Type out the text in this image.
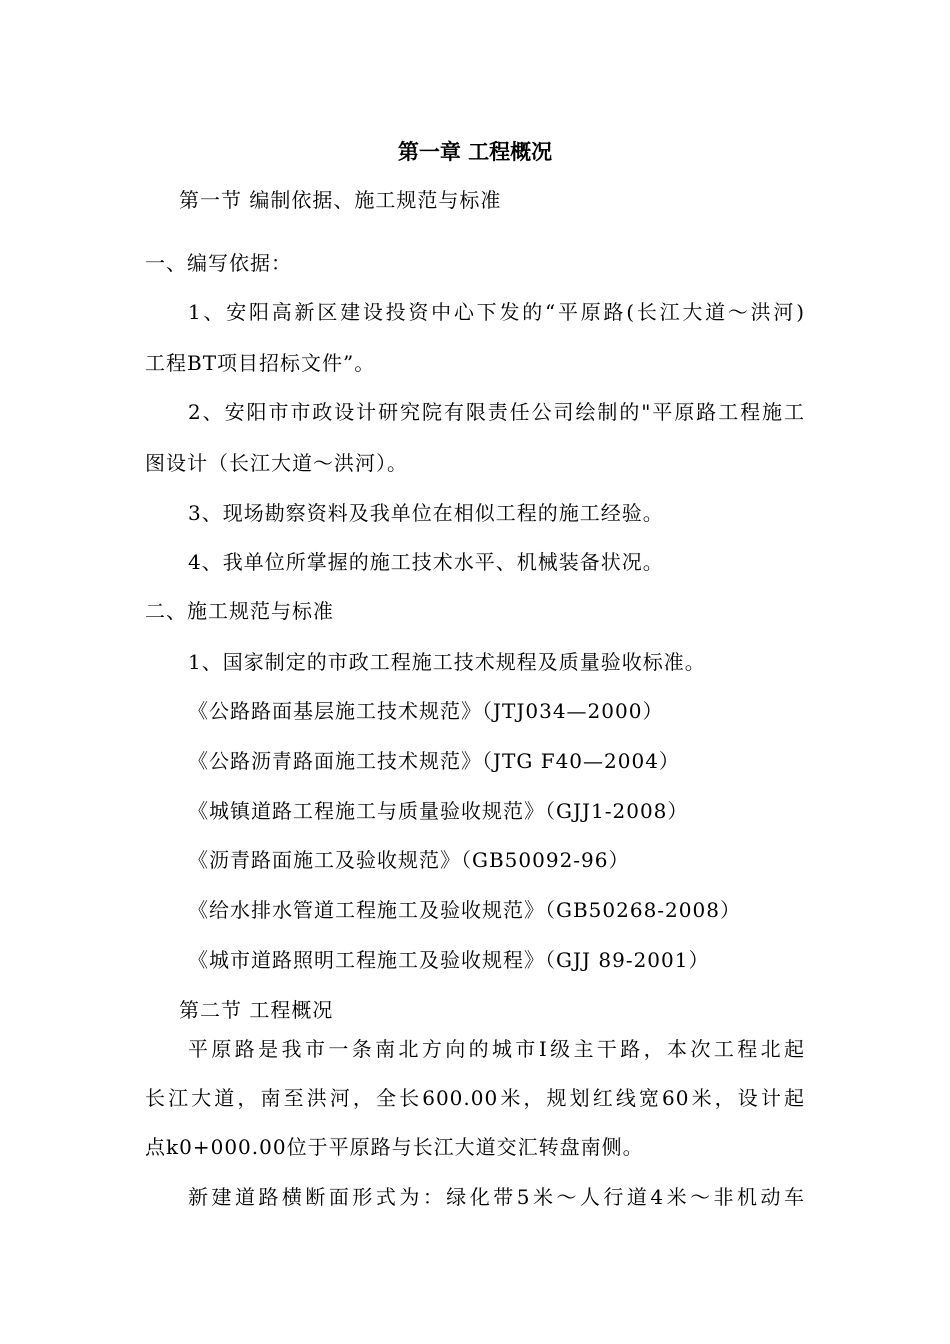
第一章 工程概况
第一节 编制依据、施工规范与标准
一、编写依据：
1、安阳高新区建设投资中心下发的“平原路(长江大道～洪河)
工程BT项目招标文件”。
2、安阳市市政设计研究院有限责任公司绘制的"平原路工程施工
图设计（长江大道～洪河）。
3、现场勘察资料及我单位在相似工程的施工经验。
4、我单位所掌握的施工技术水平、机械装备状况。
二、施工规范与标准
1、国家制定的市政工程施工技术规程及质量验收标准。
《公路路面基层施工技术规范》（JTJ034—2000）
《公路沥青路面施工技术规范》（JTG F40—2004）
《城镇道路工程施工与质量验收规范》（GJJ1-2008）
《沥青路面施工及验收规范》（GB50092-96）
《给水排水管道工程施工及验收规范》（GB50268-2008）
《城市道路照明工程施工及验收规程》（GJJ 89-2001）
第二节 工程概况
平原路是我市一条南北方向的城市Ⅰ级主干路，本次工程北起
长江大道，南至洪河，全长600.00米，规划红线宽60米，设计起
点k0+000.00位于平原路与长江大道交汇转盘南侧。
新建道路横断面形式为：绿化带5米～人行道4米～非机动车
